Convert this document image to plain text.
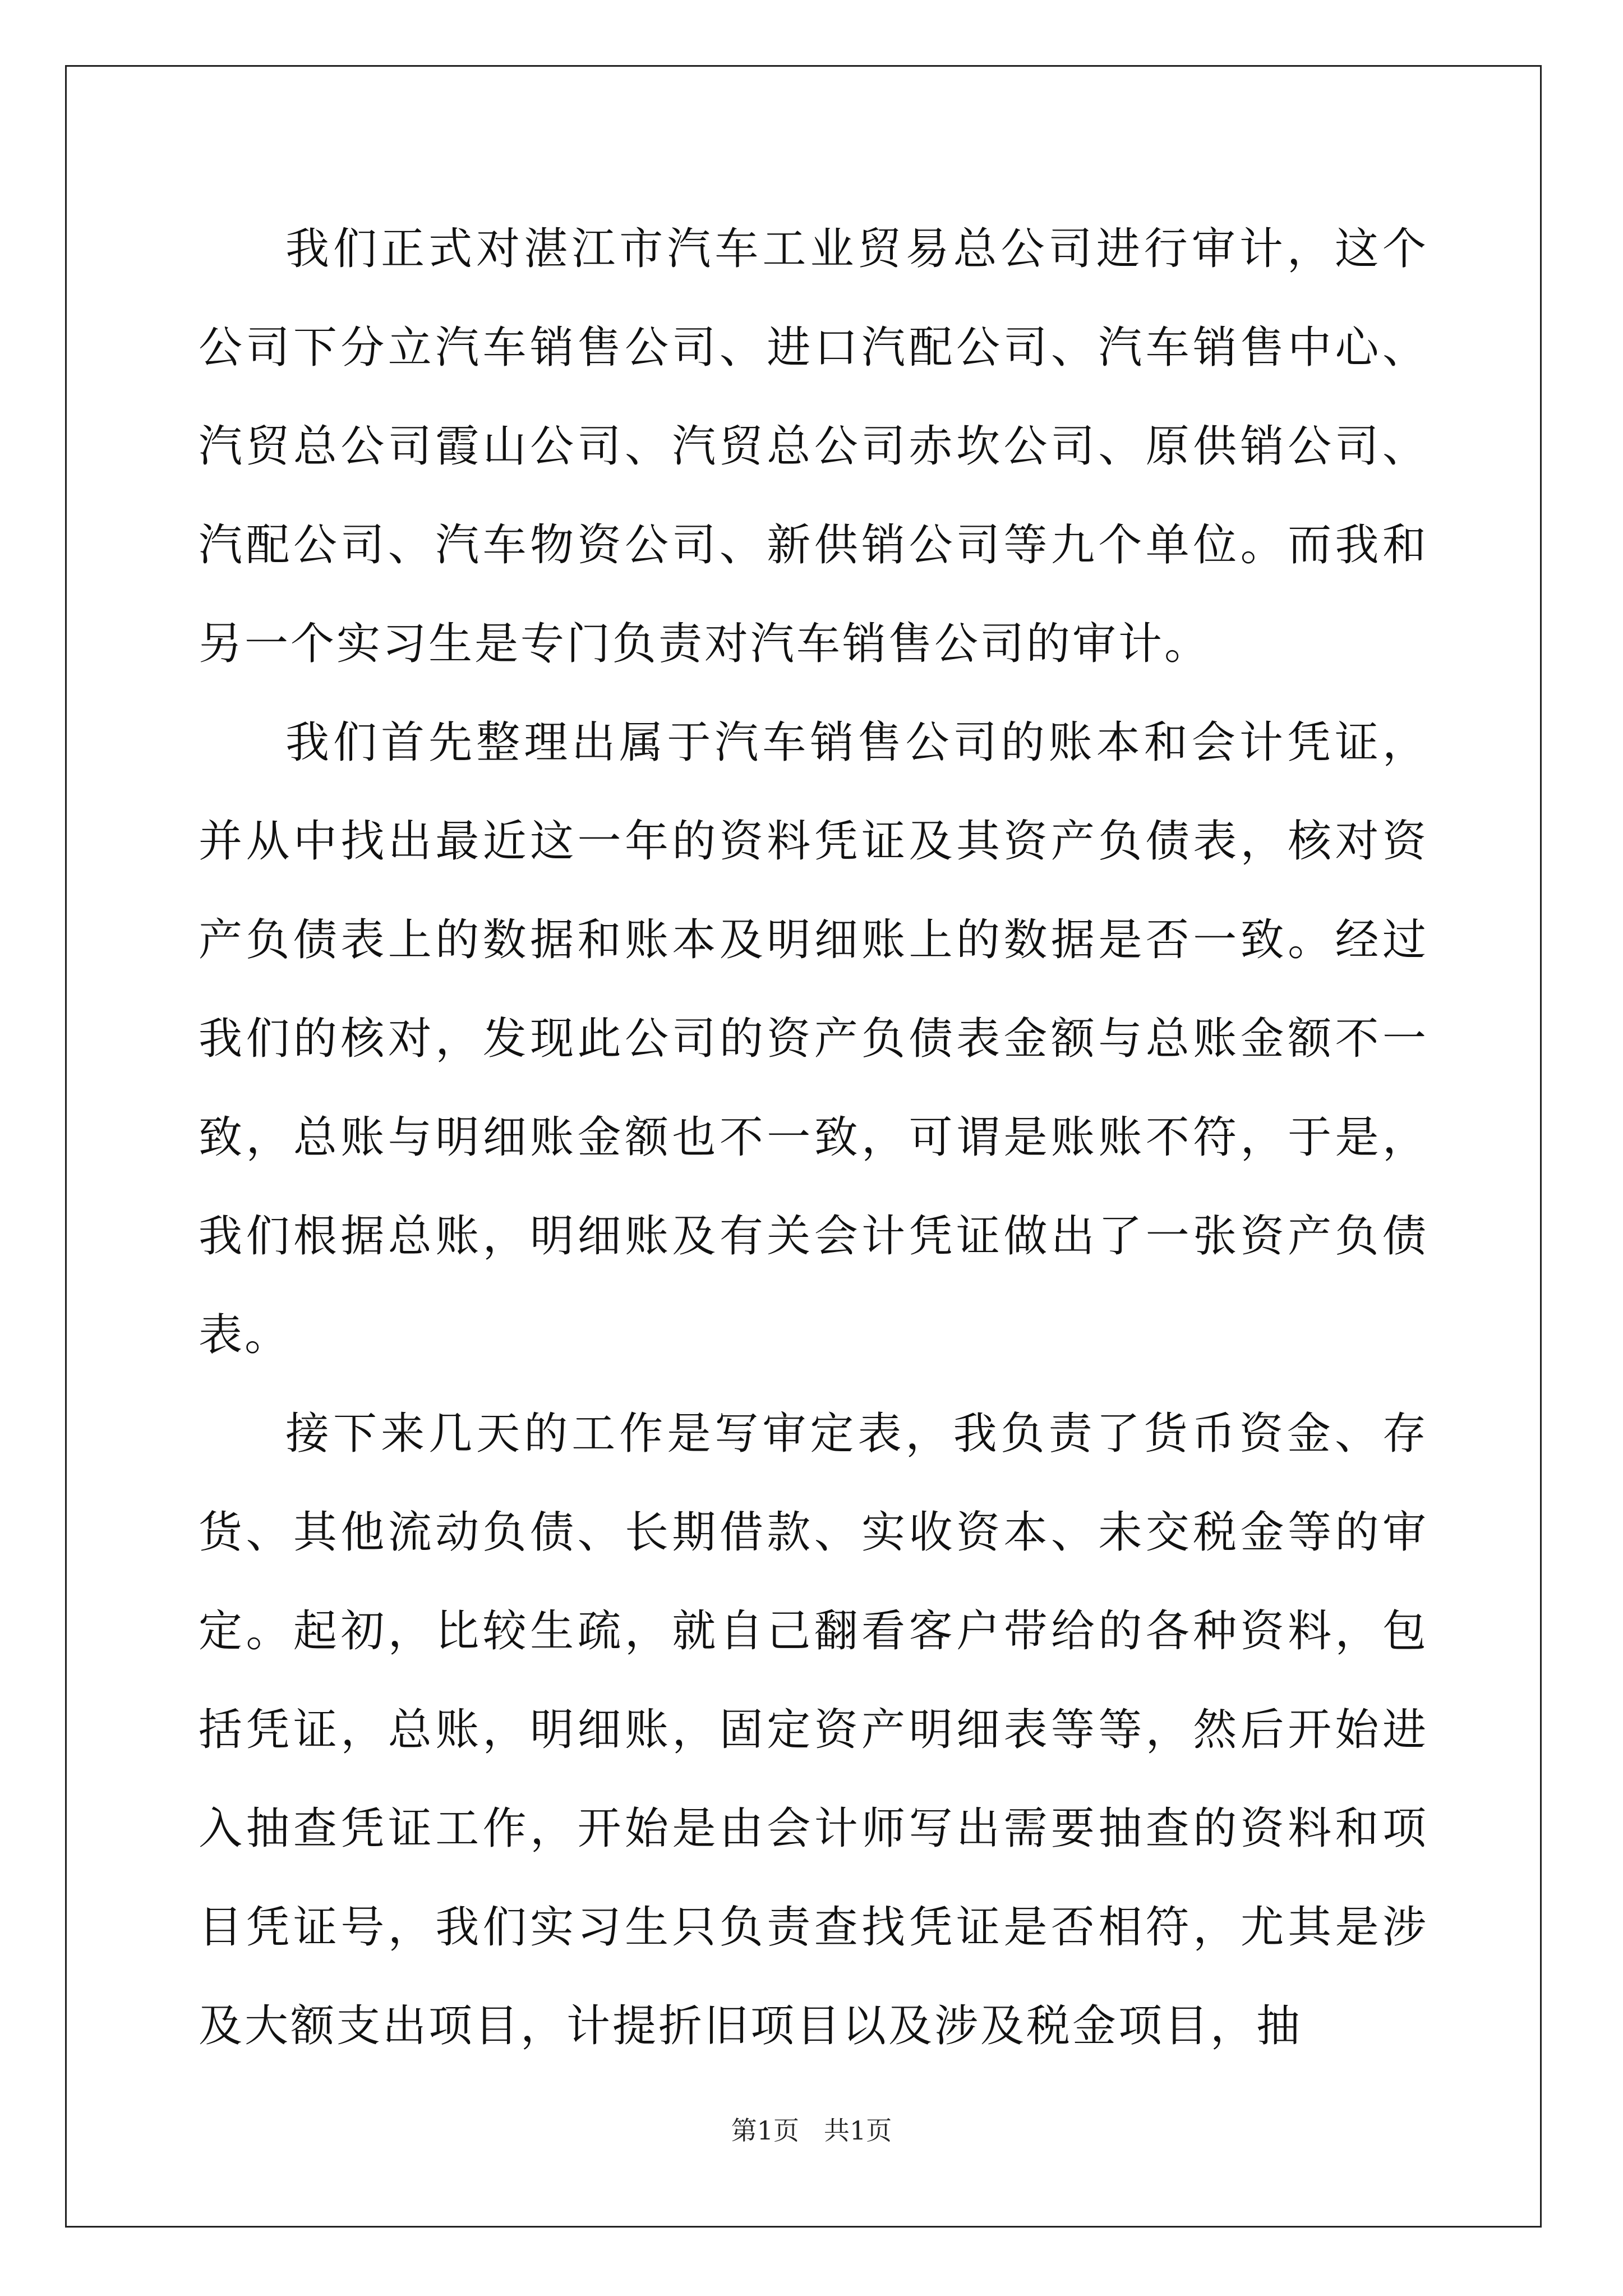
我们正式对湛江市汽车工业贸易总公司进行审计，这个公司下分立汽车销售公司、进口汽配公司、汽车销售中心、汽贸总公司霞山公司、汽贸总公司赤坎公司、原供销公司、汽配公司、汽车物资公司、新供销公司等九个单位。而我和另一个实习生是专门负责对汽车销售公司的审计。

我们首先整理出属于汽车销售公司的账本和会计凭证，并从中找出最近这一年的资料凭证及其资产负债表，核对资产负债表上的数据和账本及明细账上的数据是否一致。经过我们的核对，发现此公司的资产负债表金额与总账金额不一致，总账与明细账金额也不一致，可谓是账账不符，于是，我们根据总账，明细账及有关会计凭证做出了一张资产负债表。

接下来几天的工作是写审定表，我负责了货币资金、存货、其他流动负债、长期借款、实收资本、未交税金等的审定。起初，比较生疏，就自己翻看客户带给的各种资料，包括凭证，总账，明细账，固定资产明细表等等，然后开始进入抽查凭证工作，开始是由会计师写出需要抽查的资料和项目凭证号，我们实习生只负责查找凭证是否相符，尤其是涉及大额支出项目，计提折旧项目以及涉及税金项目，抽

第1页 共1页
